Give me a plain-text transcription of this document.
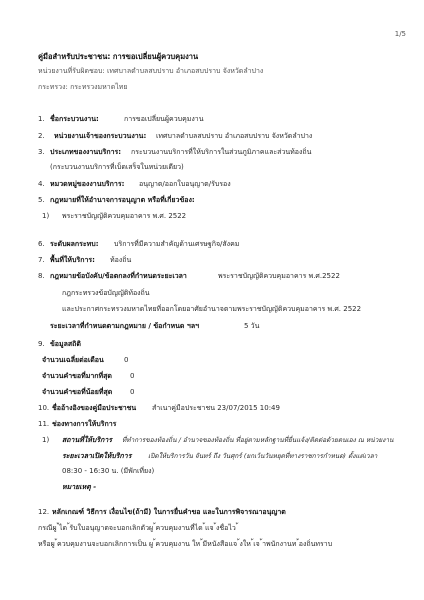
1/5
คู่มือสำหรับประชาชน: การขอเปลี่ยนผู้ควบคุมงาน
หน่วยงานที่รับผิดชอบ: เทศบาลตำบลสบปราบ อำเภอสบปราบ จังหวัดลำปาง
กระทรวง: กระทรวงมหาดไทย
1. ชื่อกระบวนงาน:	การขอเปลี่ยนผู้ควบคุมงาน
2. หน่วยงานเจ้าของกระบวนงาน: เทศบาลตำบลสบปราบ อำเภอสบปราบ จังหวัดลำปาง
3. ประเภทของงานบริการ: กระบวนงานบริการที่ให้บริการในส่วนภูมิภาคและส่วนท้องถิ่น
(กระบวนงานบริการที่เบ็ดเสร็จในหน่วยเดียว)
4. หมวดหมู่ของงานบริการ: อนุญาต/ออกใบอนุญาต/รับรอง
5. กฎหมายที่ให้อำนาจการอนุญาต หรือที่เกี่ยวข้อง:
1) พระราชบัญญัติควบคุมอาคาร พ.ศ. 2522
6. ระดับผลกระทบ: บริการที่มีความสำคัญด้านเศรษฐกิจ/สังคม
7. พื้นที่ให้บริการ: ท้องถิ่น
8. กฎหมายข้อบังคับ/ข้อตกลงที่กำหนดระยะเวลา	พระราชบัญญัติควบคุมอาคาร พ.ศ.2522
กฎกระทรวงข้อบัญญัติท้องถิ่น
และประกาศกระทรวงมหาดไทยที่ออกโดยอาศัยอำนาจตามพระราชบัญญัติควบคุมอาคาร พ.ศ. 2522
ระยะเวลาที่กำหนดตามกฎหมาย / ข้อกำหนด ฯลฯ	5 วัน
9. ข้อมูลสถิติ
จำนวนเฉลี่ยต่อเดือน	0
จำนวนคำขอที่มากที่สุด	0
จำนวนคำขอที่น้อยที่สุด	0
10. ชื่ออ้างอิงของคู่มือประชาชน สำเนาคู่มือประชาชน 23/07/2015 10:49
11. ช่องทางการให้บริการ
1) สถานที่ให้บริการ ที่ทำการของท้องถิ่น / อำนาจของท้องถิ่น ที่อยู่ตามหลักฐานที่ยื่นแจ้ง/ติดต่อด้วยตนเอง ณ หน่วยงาน
ระยะเวลาเปิดให้บริการ	เปิดให้บริการวัน จันทร์ ถึง วันศุกร์ (ยกเว้นวันหยุดที่ทางราชการกำหนด) ตั้งแต่เวลา
08:30 - 16:30 น. (มีพักเที่ยง)
หมายเหตุ -
12. หลักเกณฑ์ วิธีการ เงื่อนไข(ถ้ามี) ในการยื่นคำขอ และในการพิจารณาอนุญาต
กรณีผู ้ได ้รับใบอนุญาตจะบอกเลิกตัวผู ้ควบคุมงานที่ได ้แจ ้งชื่อไว ้
หรือผู ้ควบคุมงานจะบอกเลิกการเป็น ผู ้ควบคุมงาน ให ้มีหนังสือแจ ้งให ้เจ ้าพนักงานท ้องถิ่นทราบ
